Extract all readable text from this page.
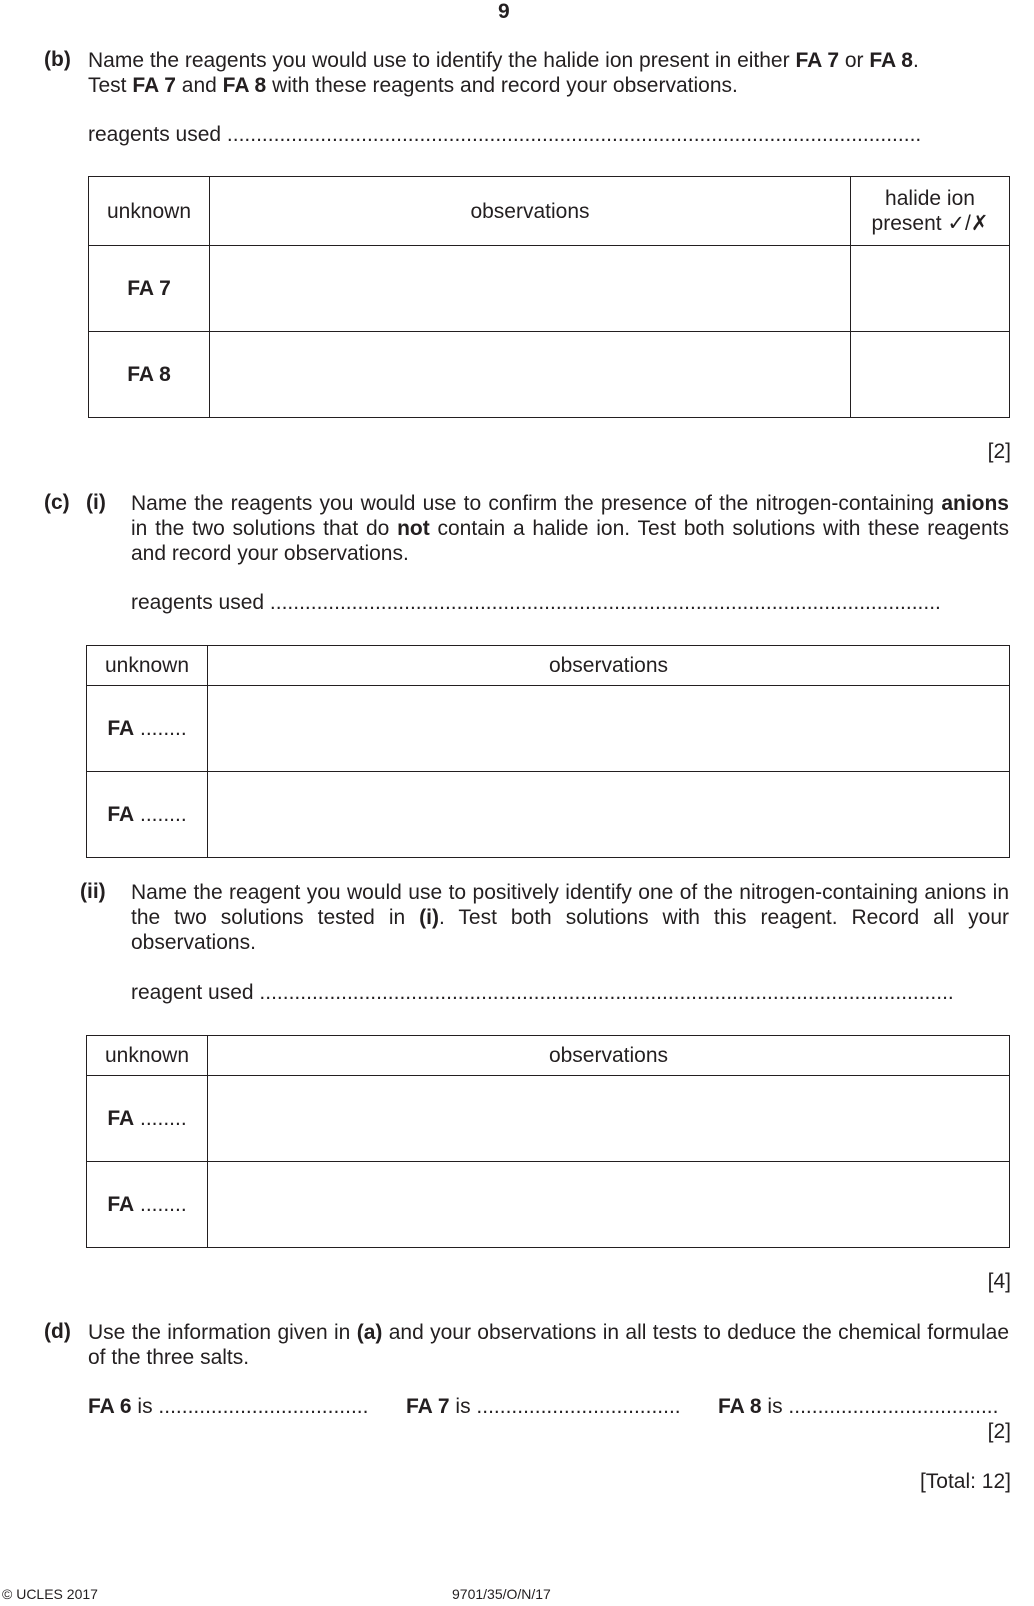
9
(b) Name the reagents you would use to identify the halide ion present in either FA 7 or FA 8.
Test FA 7 and FA 8 with these reagents and record your observations.
reagents used .......................................................................................................................
unknown	observations	halide ion
present ✓/✗
FA 7		
FA 8		
[2]
(c) (i) Name the reagents you would use to confirm the presence of the nitrogen-containing anions in the two solutions that do not contain a halide ion. Test both solutions with these reagents and record your observations.
reagents used ...................................................................................................................
unknown	observations
FA ........	
FA ........	
(ii) Name the reagent you would use to positively identify one of the nitrogen-containing anions in the two solutions tested in (i). Test both solutions with this reagent. Record all your observations.
reagent used .......................................................................................................................
unknown	observations
FA ........	
FA ........	
[4]
(d) Use the information given in (a) and your observations in all tests to deduce the chemical formulae of the three salts.
FA 6 is .................................... FA 7 is ................................... FA 8 is ....................................
[2]
[Total: 12]
© UCLES 2017	9701/35/O/N/17
